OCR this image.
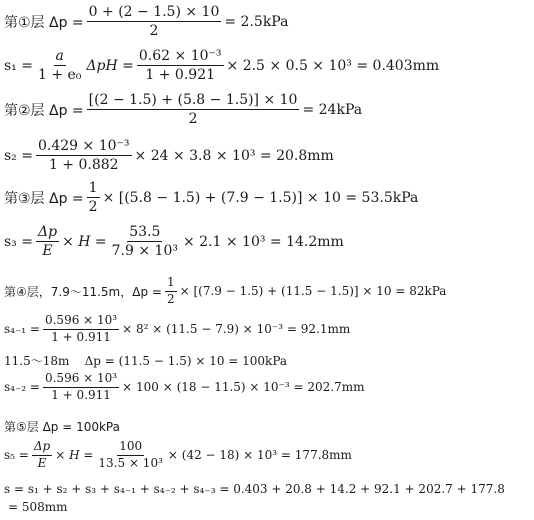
第①层 $\Delta p = \frac{0 + (2 - 1.5) \times 10}{2} = 2.5kPa$
$s_1 = \frac{a}{\text{1 + e₀}}$ $\Delta pH = \frac{\text{0.62 × 10⁻³}}{1 + 0.921} \times 2.5 \times 0.5 \times 10^3 = 0.403mm$
第②层 $\Delta p = \frac{[(2 - 1.5) + (5.8 - 1.5)] \times 10}{2} = 24kPa$
$s_2 = \frac{\text{0.429 × 10⁻³}}{1 + 0.882} \times 24 \times 3.8 \times 10^3 = 20.8mm$
第③层 $\Delta p = \frac{1}{2} \times [(5.8 - 1.5) + (7.9 - 1.5)] \times 10 = 53.5kPa$
$s_3 = \frac{\Delta p}{E} \times H = \frac{53.5}{\text{7.9 × 10³}} \times 2.1 \times 10^3 = 14.2mm$
第④层，7.9～11.5m，$\Delta p = \frac{1}{2} \times [(7.9 - 1.5) + (11.5 - 1.5)] \times 10 = 82kPa$
$s_{4-1} = \frac{\text{0.596 × 10³}}{1 + 0.911} \times 8^2 \times (11.5 - 7.9) \times 10^{-3} = 92.1mm$
11.5～18m    Δp = (11.5 − 1.5) × 10 = 100kPa
$s_{4-2} = \frac{\text{0.596 × 10³}}{1 + 0.911} \times 100 \times (18 - 11.5) \times 10^{-3} = 202.7mm$
第⑤层 Δp = 100kPa
$s_5 = \frac{\Delta p}{E} \times H = \frac{100}{\text{13.5 × 10³}} \times (42 - 18) \times 10^3 = 177.8mm$
s = s₁ + s₂ + s₃ + s₄₋₁ + s₄₋₂ + s₄₋₃ = 0.403 + 20.8 + 14.2 + 92.1 + 202.7 + 177.8
= 508mm
